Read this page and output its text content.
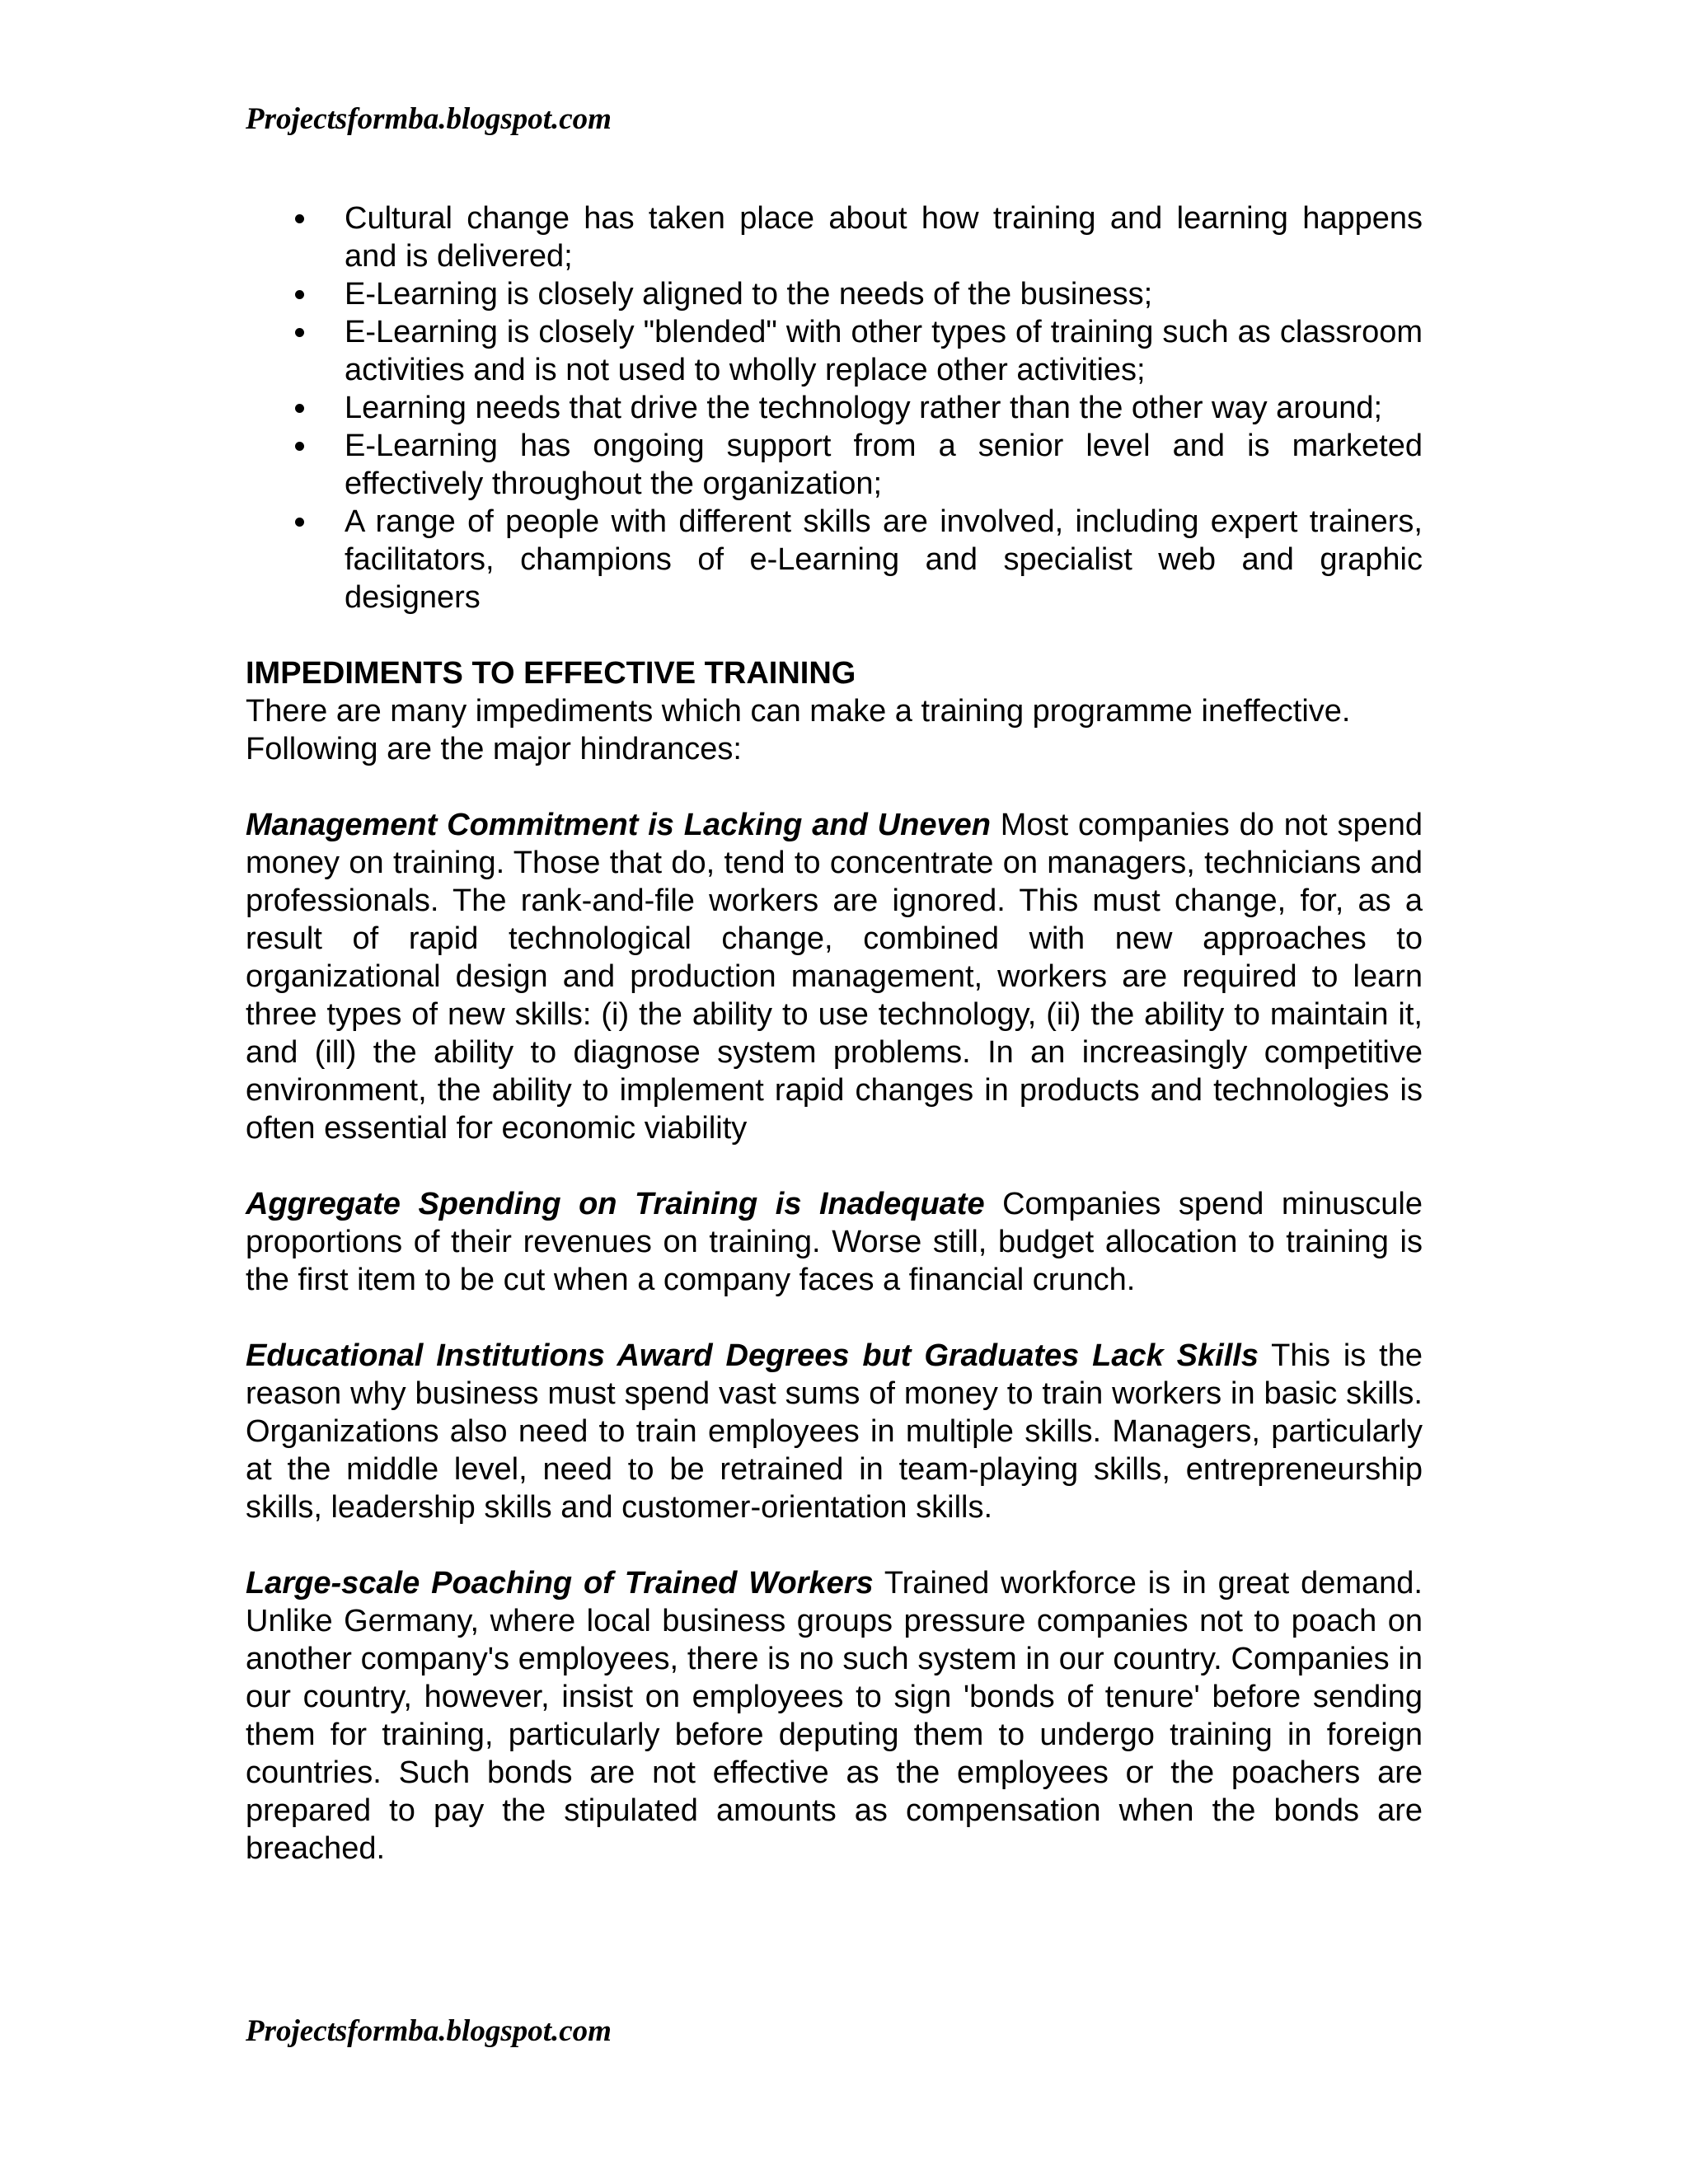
Projectsformba.blogspot.com
Cultural change has taken place about how training and learning happens and is delivered;
E-Learning is closely aligned to the needs of the business;
E-Learning is closely "blended" with other types of training such as classroom activities and is not used to wholly replace other activities;
Learning needs that drive the technology rather than the other way around;
E-Learning has ongoing support from a senior level and is marketed effectively throughout the organization;
A range of people with different skills are involved, including expert trainers, facilitators, champions of e-Learning and specialist web and graphic designers
IMPEDIMENTS TO EFFECTIVE TRAINING

There are many impediments which can make a training programme ineffective. Following are the major hindrances:

Management Commitment is Lacking and Uneven Most companies do not spend money on training. Those that do, tend to concentrate on managers, technicians and professionals. The rank-and-file workers are ignored. This must change, for, as a result of rapid technological change, combined with new approaches to organizational design and production management, workers are required to learn three types of new skills: (i) the ability to use technology, (ii) the ability to maintain it, and (ill) the ability to diagnose system problems. In an increasingly competitive environment, the ability to implement rapid changes in products and technologies is often essential for economic viability

Aggregate Spending on Training is Inadequate Companies spend minuscule proportions of their revenues on training. Worse still, budget allocation to training is the first item to be cut when a company faces a financial crunch.

Educational Institutions Award Degrees but Graduates Lack Skills This is the reason why business must spend vast sums of money to train workers in basic skills. Organizations also need to train employees in multiple skills. Managers, particularly at the middle level, need to be retrained in team-playing skills, entrepreneurship skills, leadership skills and customer-orientation skills.

Large-scale Poaching of Trained Workers Trained workforce is in great demand. Unlike Germany, where local business groups pressure companies not to poach on another company's employees, there is no such system in our country. Companies in our country, however, insist on employees to sign 'bonds of tenure' before sending them for training, particularly before deputing them to undergo training in foreign countries. Such bonds are not effective as the employees or the poachers are prepared to pay the stipulated amounts as compensation when the bonds are breached.

Projectsformba.blogspot.com
